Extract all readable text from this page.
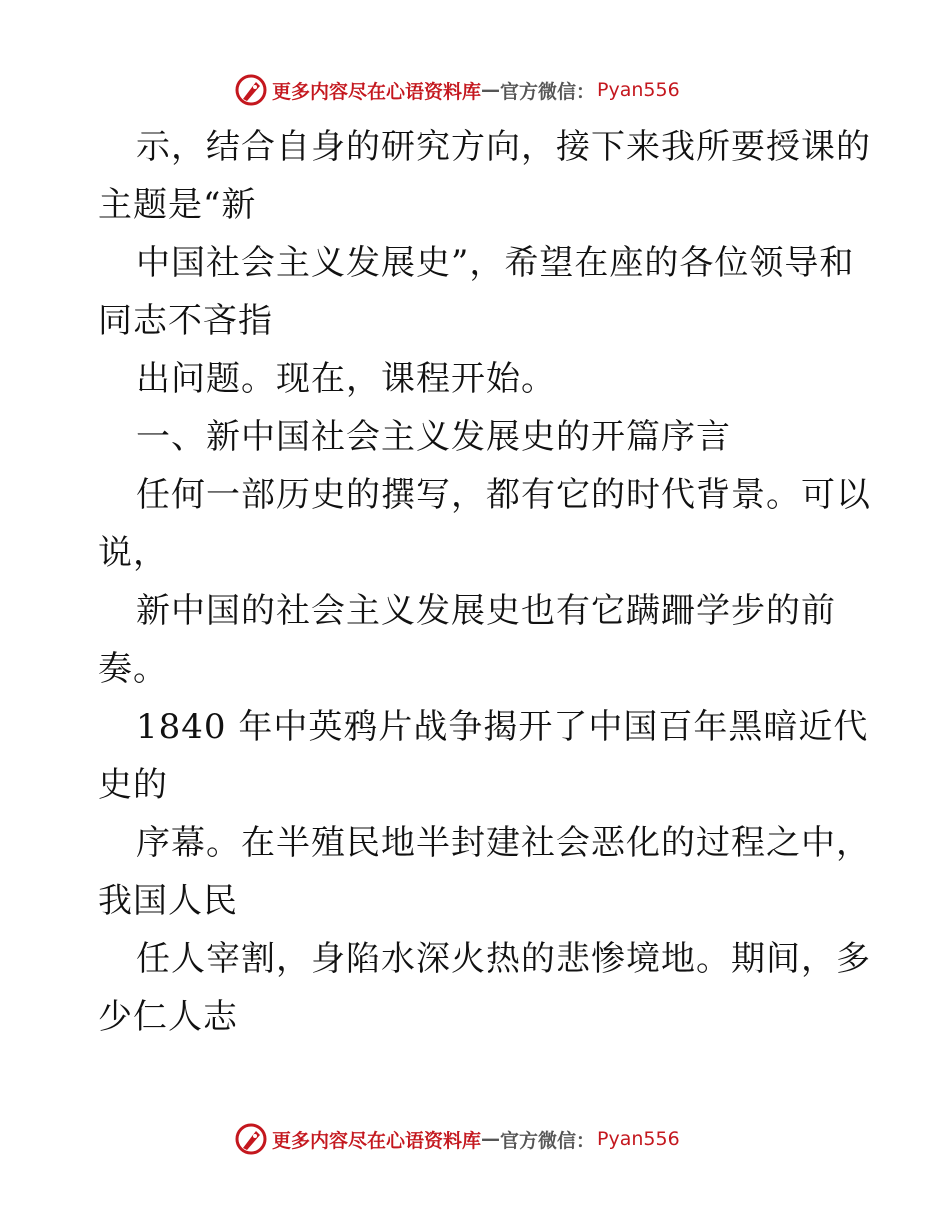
更多内容尽在心语资料库 — 官方微信： Pyan556
示，结合自身的研究方向，接下来我所要授课的
主题是“新
中国社会主义发展史”，希望在座的各位领导和
同志不吝指
出问题。现在，课程开始。
一、新中国社会主义发展史的开篇序言
任何一部历史的撰写，都有它的时代背景。可以
说，
新中国的社会主义发展史也有它蹒跚学步的前
奏。
1840 年中英鸦片战争揭开了中国百年黑暗近代
史的
序幕。在半殖民地半封建社会恶化的过程之中，
我国人民
任人宰割，身陷水深火热的悲惨境地。期间，多
少仁人志
更多内容尽在心语资料库 — 官方微信： Pyan556
